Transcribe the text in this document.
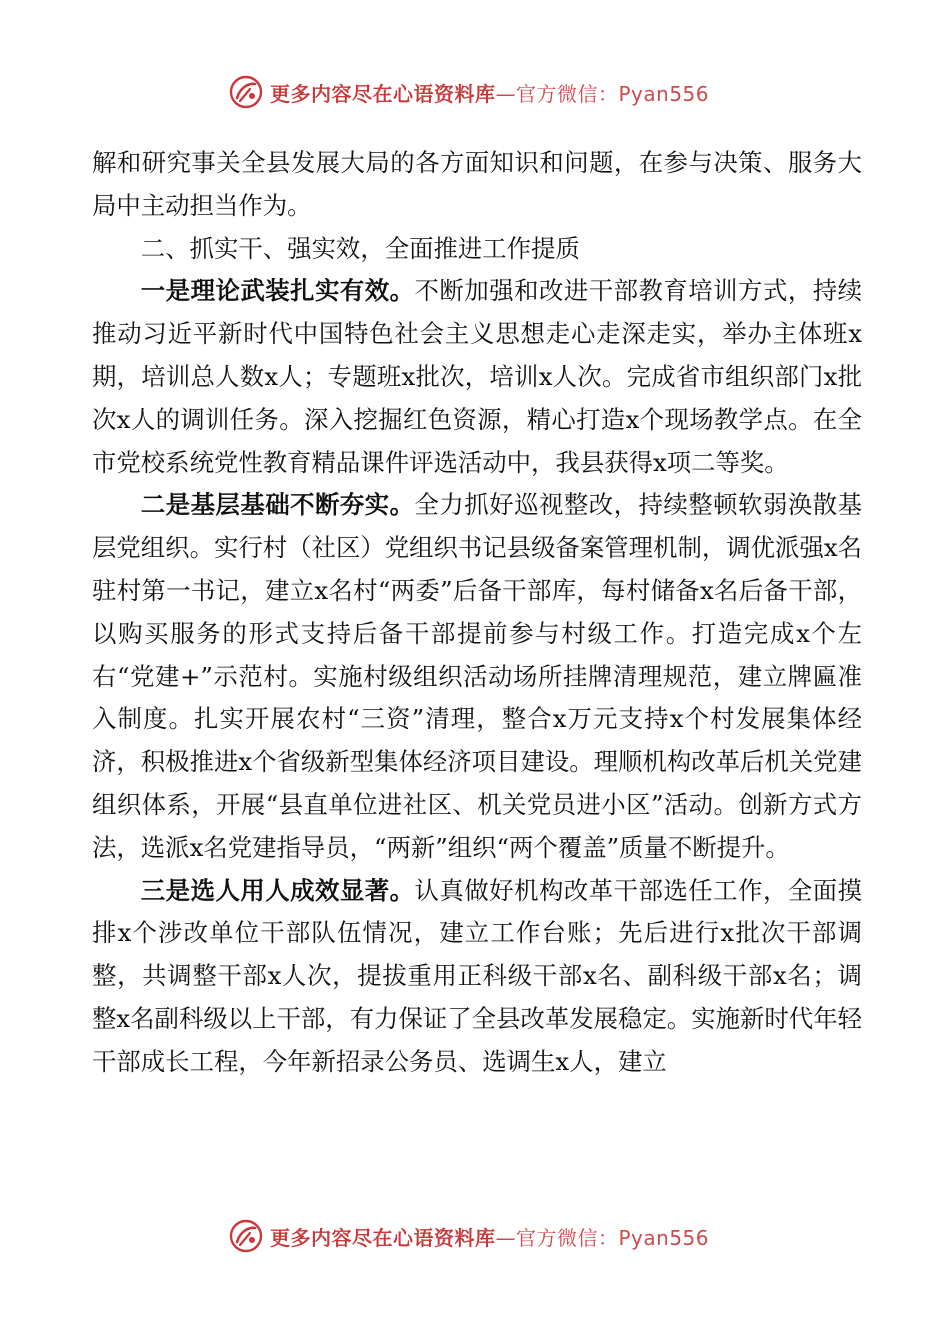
更多内容尽在心语资料库—官方微信：Pyan556

解和研究事关全县发展大局的各方面知识和问题，在参与决策、服务大局中主动担当作为。

二、抓实干、强实效，全面推进工作提质

一是理论武装扎实有效。不断加强和改进干部教育培训方式，持续推动习近平新时代中国特色社会主义思想走心走深走实，举办主体班x期，培训总人数x人；专题班x批次，培训x人次。完成省市组织部门x批次x人的调训任务。深入挖掘红色资源，精心打造x个现场教学点。在全市党校系统党性教育精品课件评选活动中，我县获得x项二等奖。

二是基层基础不断夯实。全力抓好巡视整改，持续整顿软弱涣散基层党组织。实行村（社区）党组织书记县级备案管理机制，调优派强x名驻村第一书记，建立x名村“两委”后备干部库，每村储备x名后备干部，以购买服务的形式支持后备干部提前参与村级工作。打造完成x个左右“党建+”示范村。实施村级组织活动场所挂牌清理规范，建立牌匾准入制度。扎实开展农村“三资”清理，整合x万元支持x个村发展集体经济，积极推进x个省级新型集体经济项目建设。理顺机构改革后机关党建组织体系，开展“县直单位进社区、机关党员进小区”活动。创新方式方法，选派x名党建指导员，“两新”组织“两个覆盖”质量不断提升。

三是选人用人成效显著。认真做好机构改革干部选任工作，全面摸排x个涉改单位干部队伍情况，建立工作台账；先后进行x批次干部调整，共调整干部x人次，提拔重用正科级干部x名、副科级干部x名；调整x名副科级以上干部，有力保证了全县改革发展稳定。实施新时代年轻干部成长工程，今年新招录公务员、选调生x人，建立

更多内容尽在心语资料库—官方微信：Pyan556
